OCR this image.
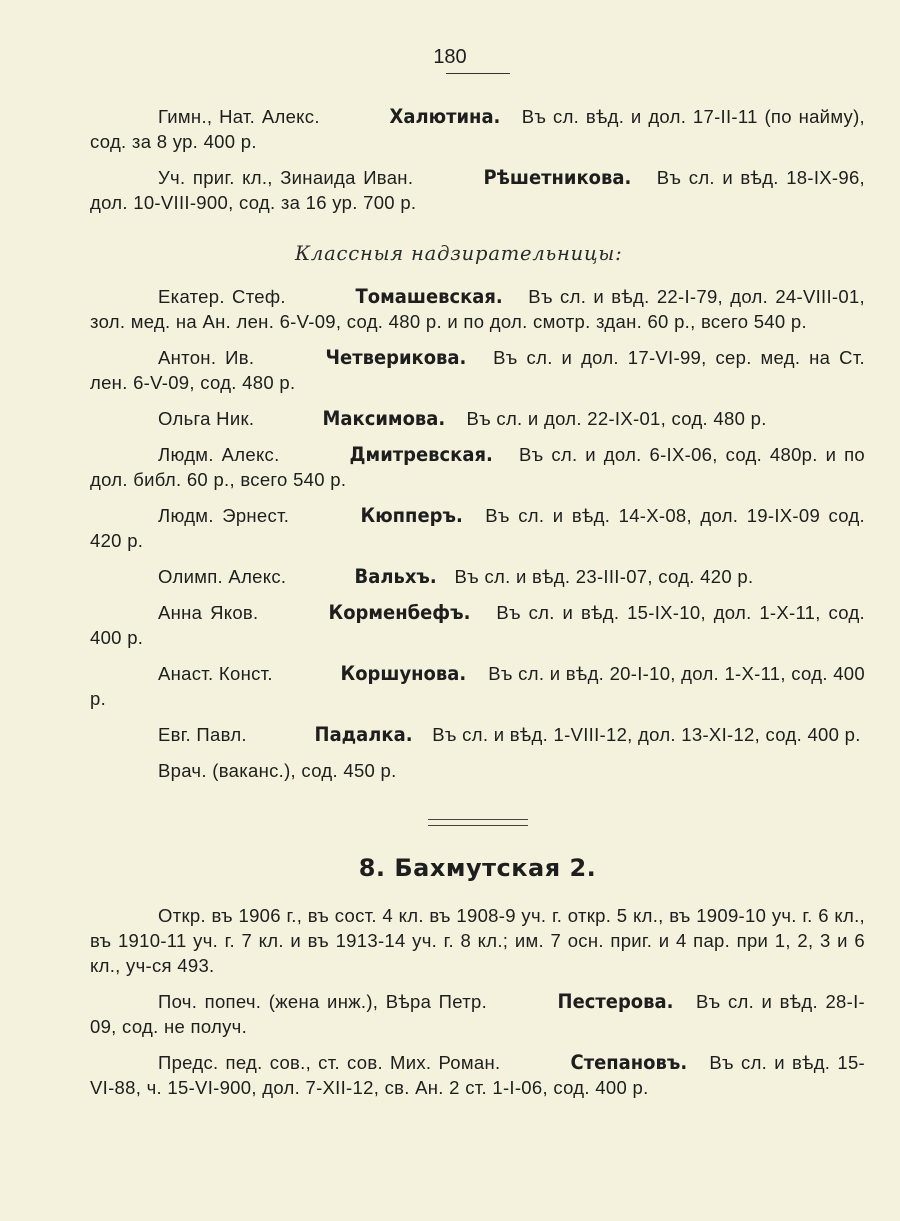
180

Гимн., Нат. Алекс.	Халютина. Въ сл. вѣд. и дол. 17-II-11 (по найму), сод. за 8 ур. 400 р.

Уч. приг. кл., Зинаида Иван.	Рѣшетникова. Въ сл. и вѣд. 18-IX-96, дол. 10-VIII-900, сод. за 16 ур. 700 р.

Классныя надзирательницы:

Екатер. Стеф.	Томашевская. Въ сл. и вѣд. 22-I-79, дол. 24-VIII-01, зол. мед. на Ан. лен. 6-V-09, сод. 480 р. и по дол. смотр. здан. 60 р., всего 540 р.

Антон. Ив.	Четверикова. Въ сл. и дол. 17-VI-99, сер. мед. на Ст. лен. 6-V-09, сод. 480 р.

Ольга Ник.	Максимова. Въ сл. и дол. 22-IX-01, сод. 480 р.

Людм. Алекс.	Дмитревская. Въ сл. и дол. 6-IX-06, сод. 480р. и по дол. библ. 60 р., всего 540 р.

Людм. Эрнест.	Кюпперъ. Въ сл. и вѣд. 14-X-08, дол. 19-IX-09 сод. 420 р.

Олимп. Алекс.	Вальхъ. Въ сл. и вѣд. 23-III-07, сод. 420 р.

Анна Яков.	Корменбефъ. Въ сл. и вѣд. 15-IX-10, дол. 1-X-11, сод. 400 р.

Анаст. Конст.	Коршунова. Въ сл. и вѣд. 20-I-10, дол. 1-X-11, сод. 400 р.

Евг. Павл.	Падалка. Въ сл. и вѣд. 1-VIII-12, дол. 13-XI-12, сод. 400 р.

Врач. (ваканс.), сод. 450 р.

8. Бахмутская 2.

Откр. въ 1906 г., въ сост. 4 кл. въ 1908-9 уч. г. откр. 5 кл., въ 1909-10 уч. г. 6 кл., въ 1910-11 уч. г. 7 кл. и въ 1913-14 уч. г. 8 кл.; им. 7 осн. приг. и 4 пар. при 1, 2, 3 и 6 кл., уч-ся 493.

Поч. попеч. (жена инж.), Вѣра Петр.	Пестерова. Въ сл. и вѣд. 28-I-09, сод. не получ.

Предс. пед. сов., ст. сов. Мих. Роман.	Степановъ. Въ сл. и вѣд. 15-VI-88, ч. 15-VI-900, дол. 7-XII-12, св. Ан. 2 ст. 1-I-06, сод. 400 р.
